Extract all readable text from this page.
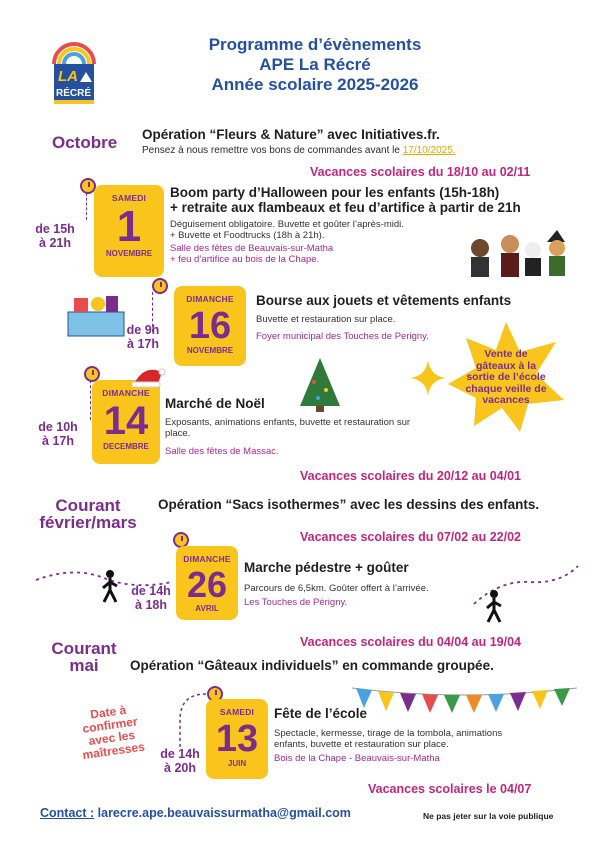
LA
RÉCRÉ
Programme d’évènements
APE La Récré
Année scolaire 2025-2026
Octobre Opération “Fleurs & Nature” avec Initiatives.fr.
Pensez à nous remettre vos bons de commandes avant le 17/10/2025.
Vacances scolaires du 18/10 au 02/11
de 15h
à 21h
SAMEDI
1
NOVEMBRE
Boom party d’Halloween pour les enfants (15h-18h)
+ retraite aux flambeaux et feu d’artifice à partir de 21h
Déguisement obligatoire. Buvette et goûter l’après-midi.
+ Buvette et Foodtrucks (18h à 21h).
Salle des fêtes de Beauvais-sur-Matha
+ feu d’artifice au bois de la Chape.
de 9h
à 17h
DIMANCHE
16
NOVEMBRE
Bourse aux jouets et vêtements enfants
Buvette et restauration sur place.
Foyer municipal des Touches de Perigny.
Vente de
gâteaux à la
sortie de l’école
chaque veille de
vacances
de 10h
à 17h
DIMANCHE
14
DECEMBRE
Marché de Noël
Exposants, animations enfants, buvette et restauration sur
place.
Salle des fêtes de Massac.
Vacances scolaires du 20/12 au 04/01
Courant
février/mars
Opération “Sacs isothermes” avec les dessins des enfants.
Vacances scolaires du 07/02 au 22/02
de 14h
à 18h
DIMANCHE
26
AVRIL
Marche pédestre + goûter
Parcours de 6,5km. Goûter offert à l’arrivée.
Les Touches de Périgny.
Vacances scolaires du 04/04 au 19/04
Courant
mai	Opération “Gâteaux individuels” en commande groupée.
Date à
confirmer
avec les
maîtresses	de 14h
à 20h
SAMEDI
13
JUIN
Fête de l’école
Spectacle, kermesse, tirage de la tombola, animations
enfants, buvette et restauration sur place.
Bois de la Chape - Beauvais-sur-Matha
Vacances scolaires le 04/07
Contact : larecre.ape.beauvaissurmatha@gmail.com	Ne pas jeter sur la voie publique
